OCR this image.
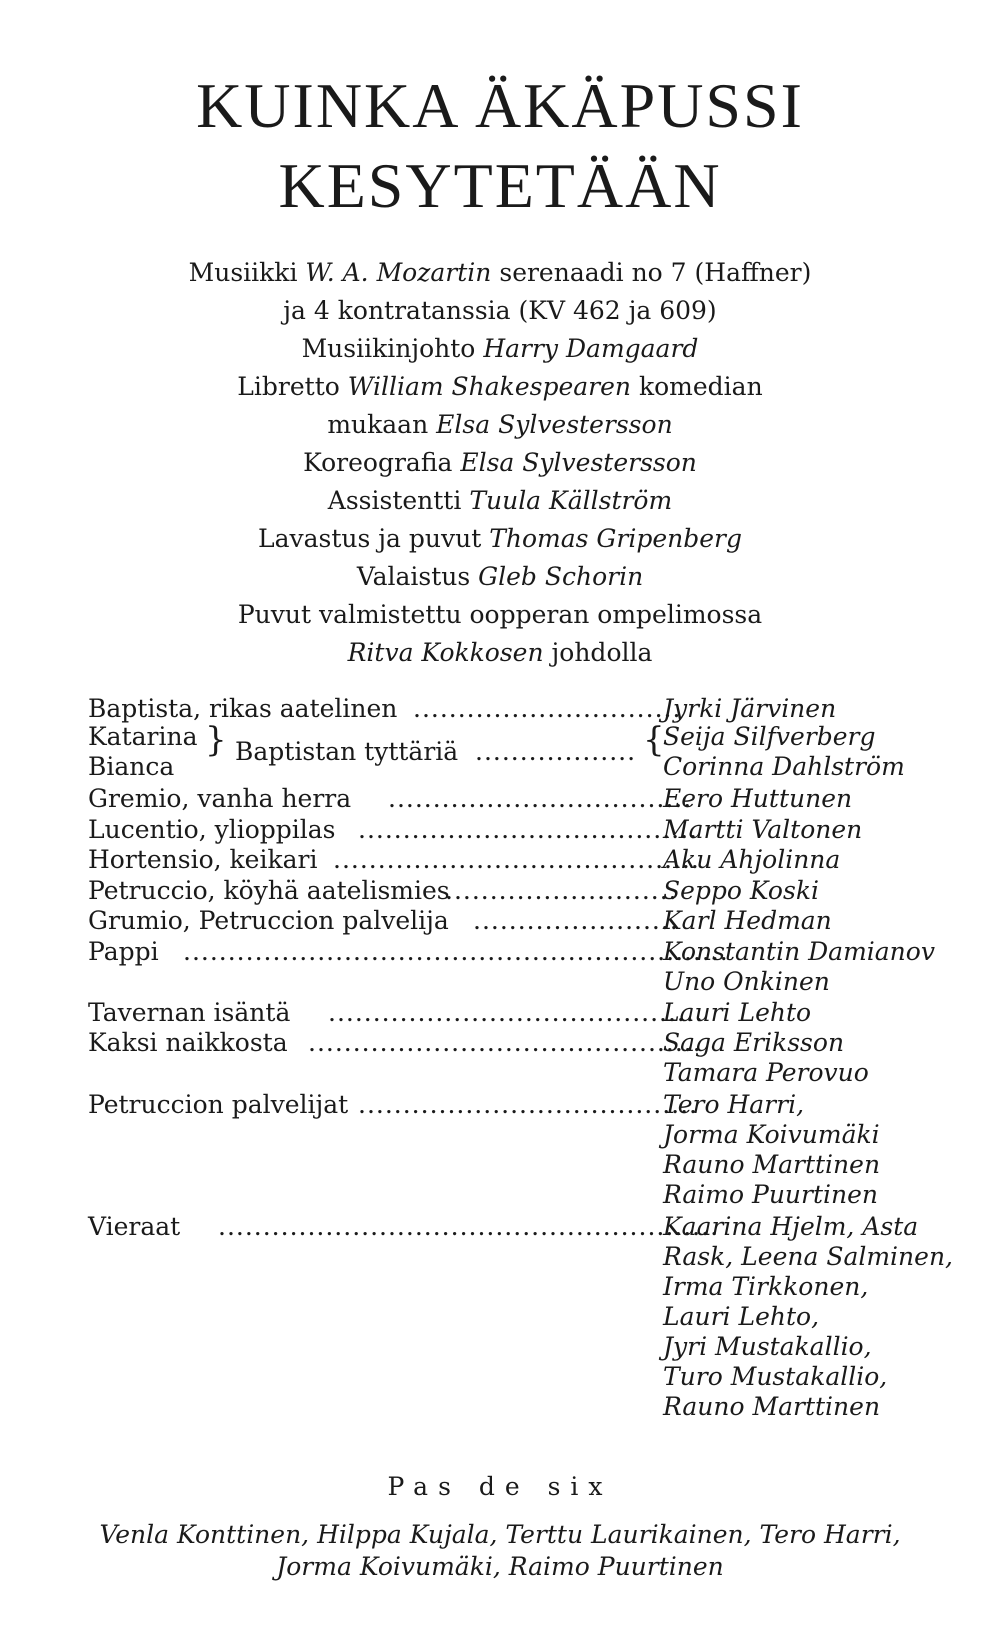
KUINKA ÄKÄPUSSI
KESYTETÄÄN
Musiikki W. A. Mozartin serenaadi no 7 (Haffner)
ja 4 kontratanssia (KV 462 ja 609)
Musiikinjohto Harry Damgaard
Libretto William Shakespearen komedian
mukaan Elsa Sylvestersson
Koreografia Elsa Sylvestersson
Assistentti Tuula Källström
Lavastus ja puvut Thomas Gripenberg
Valaistus Gleb Schorin
Puvut valmistettu oopperan ompelimossa
Ritva Kokkosen johdolla
Baptista, rikas aatelinen ..............................
Jyrki Järvinen
Katarina	Seija Silfverberg
Bianca	Corinna Dahlström
} Baptistan tyttäriä .................. {
Gremio, vanha herra ..................................
Eero Huttunen
Lucentio, ylioppilas ......................................
Martti Valtonen
Hortensio, keikari .........................................
Aku Ahjolinna
Petruccio, köyhä aatelismies
..........................
Seppo Koski
Grumio, Petruccion palvelija .......................
Karl Hedman
Pappi .............................................................
Konstantin Damianov
Uno Onkinen
Tavernan isäntä ..........................................
Lauri Lehto
Kaksi naikkosta ............................................
Saga Eriksson
Tamara Perovuo
Petruccion palvelijat ......................................
Tero Harri,
Jorma Koivumäki
Rauno Marttinen
Raimo Puurtinen
Vieraat ........................................................
Kaarina Hjelm, Asta
Rask, Leena Salminen,
Irma Tirkkonen,
Lauri Lehto,
Jyri Mustakallio,
Turo Mustakallio,
Rauno Marttinen
Pas de six
Venla Konttinen, Hilppa Kujala, Terttu Laurikainen, Tero Harri,
Jorma Koivumäki, Raimo Puurtinen
